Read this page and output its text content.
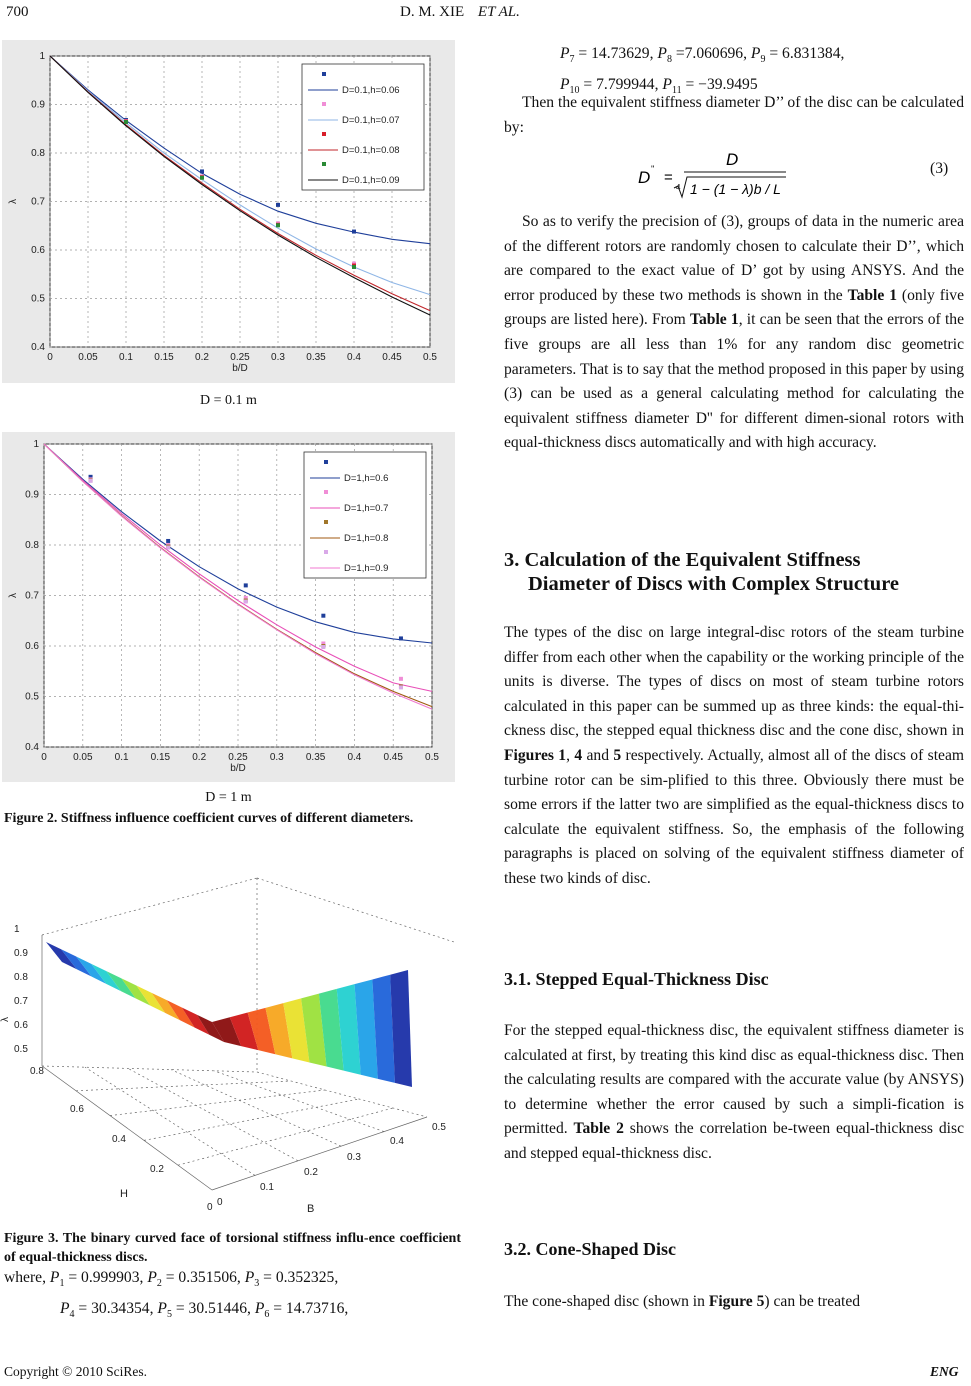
700	D. M. XIE ET AL.
0	0.05 0.1 0.15 0.2 0.25 0.3 0.35 0.4 0.45 0.5
0.4
0.5
0.6
0.7
0.8
0.9
1
b/D
λ
D=0.1,h=0.06
D=0.1,h=0.07
D=0.1,h=0.08
D=0.1,h=0.09
D = 0.1 m
0	0.05 0.1 0.15 0.2 0.25 0.3 0.35 0.4 0.45 0.5
0.4
0.5
0.6
0.7
0.8
0.9
1
b/D
λ
D=1,h=0.6
D=1,h=0.7
D=1,h=0.8
D=1,h=0.9
D = 1 m
Figure 2. Stiffness influence coefficient curves of different diameters.
0.5
0.6
0.7
0.8
0.9
1
λ
0
0.2
0.4
0.6
0.8
H
0
0.1
0.2
0.3
0.4
0.5
B
Figure 3. The binary curved face of torsional stiffness influ-ence coefficient of equal-thickness discs.
where, $P_1 = 0.999903$, $P_2 = 0.351506$, $P_3 = 0.352325$,
$P_4 = 30.34354$, $P_5 = 30.51446$, $P_6 = 14.73716$,
$P_7 = 14.73629$, $P_8 =7.060696$, $P_9 = 6.831384$,
$P_{10} = 7.799944$, $P_{11} = -39.9495$

Then the equivalent stiffness diameter D’’ of the disc can be calculated by:

D '' =
D
4 1 − (1 − λ)b / L
(3)

So as to verify the precision of (3), groups of data in the numeric area of the different rotors are randomly chosen to calculate their D’’, which are compared to the exact value of D’ got by using ANSYS. And the error produced by these two methods is shown in the Table 1 (only five groups are listed here). From Table 1, it can be seen that the errors of the five groups are all less than 1% for any random disc geometric parameters. That is to say that the method proposed in this paper by using (3) can be used as a general calculating method for calculating the equivalent stiffness diameter D'' for different dimen-sional rotors with equal-thickness discs automatically and with high accuracy.

3. Calculation of the Equivalent Stiffness
Diameter of Discs with Complex Structure

The types of the disc on large integral-disc rotors of the steam turbine differ from each other when the capability or the working principle of the units is diverse. The types of discs on most of steam turbine rotors calculated in this paper can be summed up as three kinds: the equal-thi-ckness disc, the stepped equal thickness disc and the cone disc, shown in Figures 1, 4 and 5 respectively. Actually, almost all of the discs of steam turbine rotor can be sim-plified to this three. Obviously there must be some errors if the latter two are simplified as the equal-thickness discs to calculate the equivalent stiffness. So, the emphasis of the following paragraphs is placed on solving of the equivalent stiffness diameter of these two kinds of disc.

3.1. Stepped Equal-Thickness Disc

For the stepped equal-thickness disc, the equivalent stiffness diameter is calculated at first, by treating this kind disc as equal-thickness disc. Then the calculating results are compared with the accurate value (by ANSYS) to determine whether the error caused by such a simpli-fication is permitted. Table 2 shows the correlation be-tween equal-thickness disc and stepped equal-thickness disc.

3.2. Cone-Shaped Disc

The cone-shaped disc (shown in Figure 5) can be treated

Copyright © 2010 SciRes.	ENG
